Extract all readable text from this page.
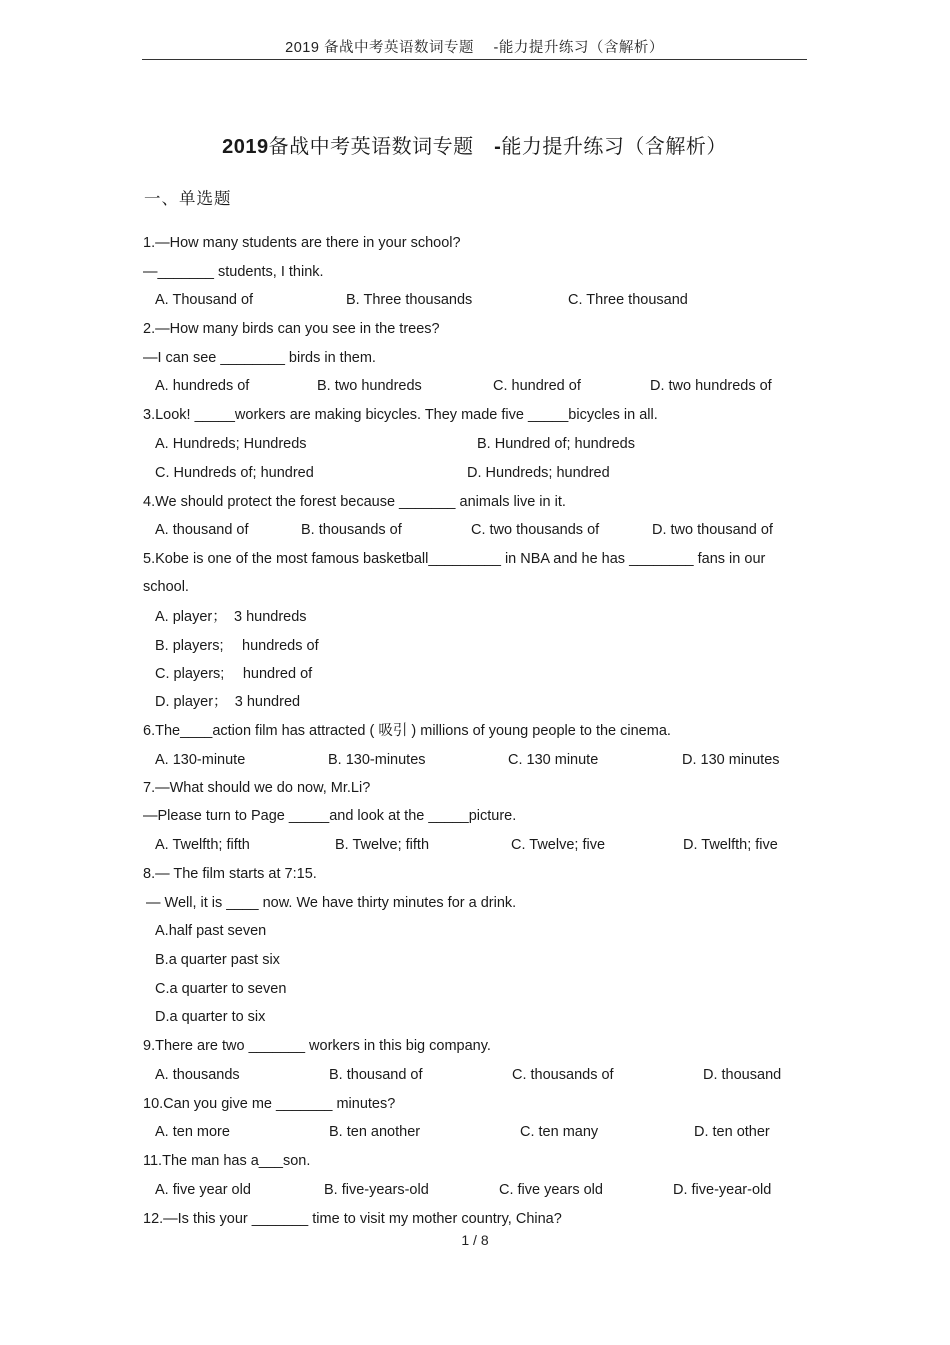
2019 备战中考英语数词专题　 -能力提升练习（含解析）
2019备战中考英语数词专题　 -能力提升练习（含解析）
一、单选题
1.—How many students are there in your school?
—_______ students, I think.
A. Thousand of	B. Three thousands	C. Three thousand
2.—How many birds can you see in the trees?
—I can see ________ birds in them.
A. hundreds of	B. two hundreds	C. hundred of	D. two hundreds of
3.Look! _____workers are making bicycles. They made five _____bicycles in all.
A. Hundreds; Hundreds	B. Hundred of; hundreds
C. Hundreds of; hundred	D. Hundreds; hundred
4.We should protect the forest because _______ animals live in it.
A. thousand of	B. thousands of	C. two thousands of	D. two thousand of
5.Kobe is one of the most famous basketball_________ in NBA and he has ________ fans in our
school.
A. player；　3 hundreds
B. players;　 hundreds of
C. players;　 hundred of
D. player；　3 hundred
6.The____action film has attracted ( 吸引 ) millions of young people to the cinema.
A. 130-minute	B. 130-minutes	C. 130 minute	D. 130 minutes
7.—What should we do now, Mr.Li?
—Please turn to Page _____and look at the _____picture.
A. Twelfth; fifth	B. Twelve; fifth	C. Twelve; five	D. Twelfth; five
8.— The film starts at 7:15.
— Well, it is ____ now. We have thirty minutes for a drink.
A.half past seven
B.a quarter past six
C.a quarter to seven
D.a quarter to six
9.There are two _______ workers in this big company.
A. thousands	B. thousand of	C. thousands of	D. thousand
10.Can you give me _______ minutes?
A. ten more	B. ten another	C. ten many	D. ten other
11.The man has a___son.
A. five year old	B. five-years-old	C. five years old	D. five-year-old
12.—Is this your _______ time to visit my mother country, China?
1 / 8
